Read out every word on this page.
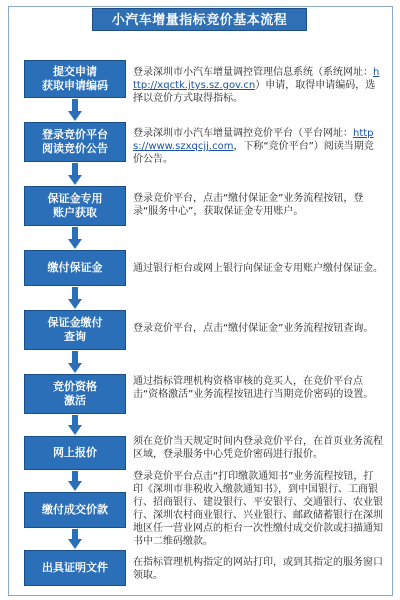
小汽车增量指标竞价基本流程
提交申请
获取申请编码
登录深圳市小汽车增量调控管理信息系统（系统网址：http://xqctk.jtys.sz.gov.cn）申请，取得申请编码，选择以竞价方式取得指标。
登录竞价平台
阅读竞价公告
登录深圳市小汽车增量调控竞价平台（平台网址：https://www.szxqcjj.com，下称“竞价平台”）阅读当期竞价公告。
保证金专用
账户获取
登录竞价平台，点击“缴付保证金”业务流程按钮，登录“服务中心”，获取保证金专用账户。
缴付保证金	通过银行柜台或网上银行向保证金专用账户缴付保证金。
保证金缴付
查询
登录竞价平台，点击“缴付保证金”业务流程按钮查询。
竞价资格
激活
通过指标管理机构资格审核的竞买人，在竞价平台点击“资格激活”业务流程按钮进行当期竞价密码的设置。
网上报价
须在竞价当天规定时间内登录竞价平台，在首页业务流程区域，登录服务中心凭竞价密码进行报价。
缴付成交价款
登录竞价平台点击“打印缴款通知书”业务流程按钮，打印《深圳市非税收入缴款通知书》，到中国银行、工商银行、招商银行、建设银行、平安银行、交通银行、农业银行、深圳农村商业银行、兴业银行、邮政储蓄银行在深圳地区任一营业网点的柜台一次性缴付成交价款或扫描通知书中二维码缴款。
出具证明文件	在指标管理机构指定的网站打印，或到其指定的服务窗口领取。
